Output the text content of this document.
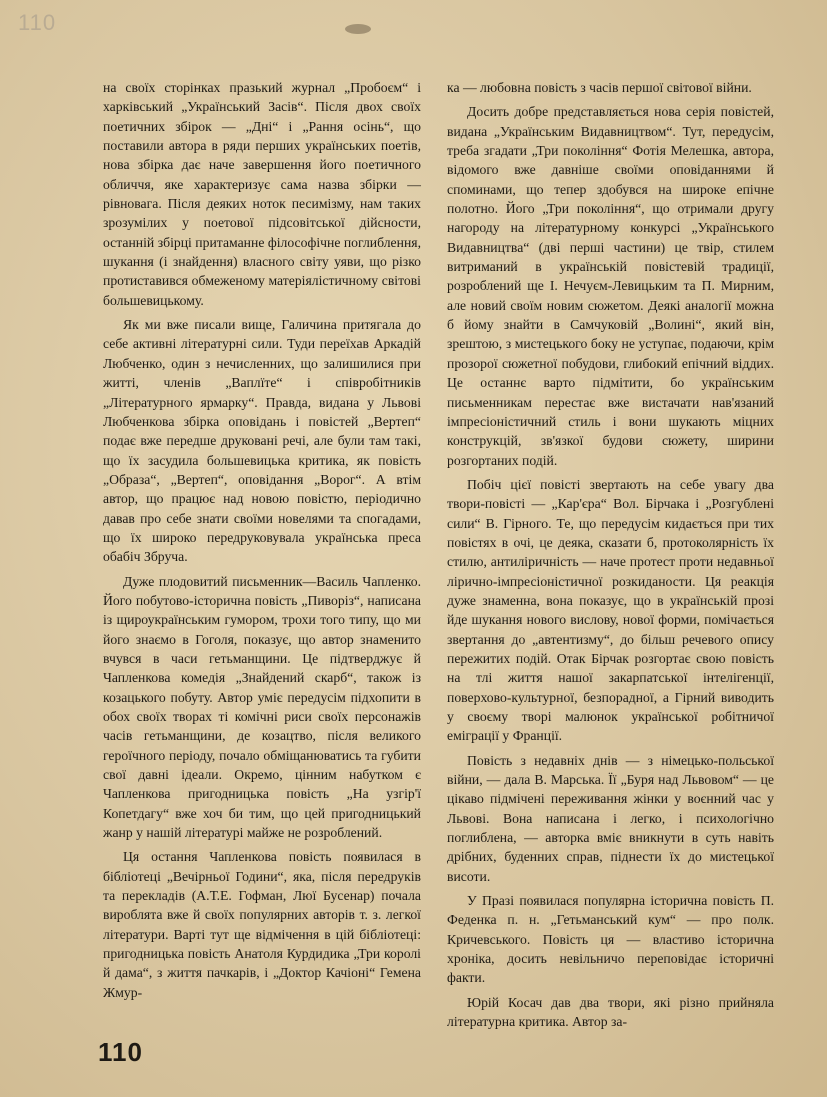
110

на своїх сторінках празький журнал „Пробоєм“ і харківський „Український Засів“. Після двох своїх поетичних збірок — „Дні“ і „Рання осінь“, що поставили автора в ряди перших українських поетів, нова збірка дає наче завершення його поетичного обличчя, яке характеризує сама назва збірки — рівновага. Після деяких ноток песимізму, нам таких зрозумілих у поетової підсовітської дійсности, останній збірці притаманне філософічне поглиблення, шукання (і знайдення) власного світу уяви, що різко протиставився обмеженому матеріялістичному світові большевицькому.

Як ми вже писали вище, Галичина притягала до себе активні літературні сили. Туди переїхав Аркадій Любченко, один з нечисленних, що залишилися при житті, членів „Ваплїте“ і співробітників „Літературного ярмарку“. Правда, видана у Львові Любченкова збірка оповідань і повістей „Вертеп“ подає вже передше друковані речі, але були там такі, що їх засудила большевицька критика, як повість „Образа“, „Вертеп“, оповідання „Ворог“. А втім автор, що працює над новою повістю, періодично давав про себе знати своїми новелями та спогадами, що їх широко передруковувала українська преса обабіч Збруча.

Дуже плодовитий письменник—Василь Чапленко. Його побутово-історична повість „Пиворіз“, написана із щироукраїнським гумором, трохи того типу, що ми його знаємо в Гоголя, показує, що автор знаменито вчувся в часи гетьманщини. Це підтверджує й Чапленкова комедія „Знайдений скарб“, також із козацького побуту. Автор уміє передусім підхопити в обох своїх творах ті комічні риси своїх персонажів часів гетьманщини, де козацтво, після великого героїчного періоду, почало обміщанюватись та губити свої давні ідеали. Окремо, цінним набутком є Чапленкова пригодницька повість „На узгір'ї Копетдагу“ вже хоч би тим, що цей пригодницький жанр у нашій літературі майже не розроблений.

Ця остання Чапленкова повість появилася в бібліотеці „Вечірньої Години“, яка, після передруків та перекладів (А.Т.Е. Гофман, Люї Бусенар) почала вироблята вже й своїх популярних авторів т. з. легкої літератури. Варті тут ще відмічення в цій бібліотеці: пригодницька повість Анатоля Курдидика „Три королі й дама“, з життя пачкарів, і „Доктор Качіоні“ Гемена Жмур-

ка — любовна повість з часів першої світової війни.

Досить добре представляється нова серія повістей, видана „Українським Видавництвом“. Тут, передусім, треба згадати „Три покоління“ Фотія Мелешка, автора, відомого вже давніше своїми оповіданнями й споминами, що тепер здобувся на широке епічне полотно. Його „Три покоління“, що отримали другу нагороду на літературному конкурсі „Українського Видавництва“ (дві перші частини) це твір, стилем витриманий в українській повістевій традиції, розроблений ще І. Нечуєм-Левицьким та П. Мирним, але новий своїм новим сюжетом. Деякі аналогії можна б йому знайти в Самчуковій „Волині“, який він, зрештою, з мистецького боку не уступає, подаючи, крім прозорої сюжетної побудови, глибокий епічний віддих. Це останнє варто підмітити, бо українським письменникам перестає вже вистачати нав'язаний імпресіоністичний стиль і вони шукають міцних конструкцій, зв'язкої будови сюжету, ширини розгортаних подій.

Побіч цієї повісті звертають на себе увагу два твори-повісті — „Кар'єра“ Вол. Бірчака і „Розгублені сили“ В. Гірного. Те, що передусім кидається при тих повістях в очі, це деяка, сказати б, протоколярність їх стилю, антиліричність — наче протест проти недавньої лірично-імпресіоністичної розкиданости. Ця реакція дуже знаменна, вона показує, що в українській прозі йде шукання нового вислову, нової форми, помічається звертання до „автентизму“, до більш речевого опису пережитих подій. Отак Бірчак розгортає свою повість на тлі життя нашої закарпатської інтелігенції, поверхово-культурної, безпорадної, а Гірний виводить у своєму творі малюнок української робітничої еміграції у Франції.

Повість з недавніх днів — з німецько-польської війни, — дала В. Марська. Її „Буря над Львовом“ — це цікаво підмічені переживання жінки у воєнний час у Львові. Вона написана і легко, і психологічно поглиблена, — авторка вміє вникнути в суть навіть дрібних, буденних справ, піднести їх до мистецької висоти.

У Празі появилася популярна історична повість П. Феденка п. н. „Гетьманський кум“ — про полк. Кричевського. Повість ця — властиво історична хроніка, досить невільничо переповідає історичні факти.

Юрій Косач дав два твори, які різно прийняла літературна критика. Автор за-

110
